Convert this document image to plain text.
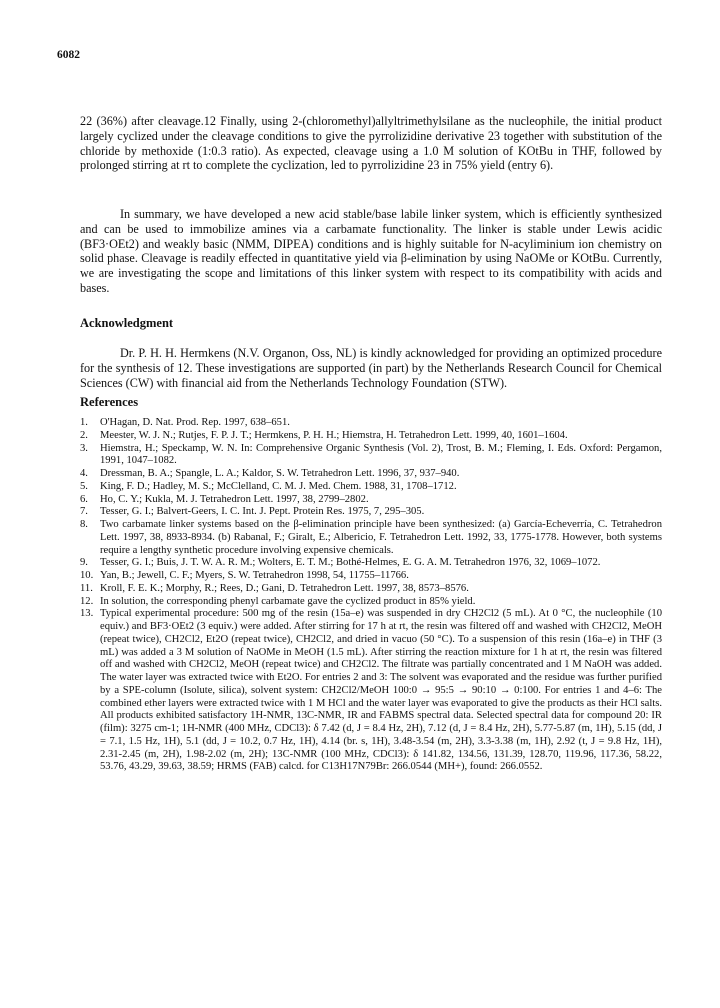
6082

22 (36%) after cleavage.12 Finally, using 2-(chloromethyl)allyltrimethylsilane as the nucleophile, the initial product largely cyclized under the cleavage conditions to give the pyrrolizidine derivative 23 together with substitution of the chloride by methoxide (1:0.3 ratio). As expected, cleavage using a 1.0 M solution of KOtBu in THF, followed by prolonged stirring at rt to complete the cyclization, led to pyrrolizidine 23 in 75% yield (entry 6).

In summary, we have developed a new acid stable/base labile linker system, which is efficiently synthesized and can be used to immobilize amines via a carbamate functionality. The linker is stable under Lewis acidic (BF3·OEt2) and weakly basic (NMM, DIPEA) conditions and is highly suitable for N-acyliminium ion chemistry on solid phase. Cleavage is readily effected in quantitative yield via β-elimination by using NaOMe or KOtBu. Currently, we are investigating the scope and limitations of this linker system with respect to its compatibility with acids and bases.

Acknowledgment

Dr. P. H. H. Hermkens (N.V. Organon, Oss, NL) is kindly acknowledged for providing an optimized procedure for the synthesis of 12. These investigations are supported (in part) by the Netherlands Research Council for Chemical Sciences (CW) with financial aid from the Netherlands Technology Foundation (STW).

References
1.	O'Hagan, D. Nat. Prod. Rep. 1997, 638–651.
2.	Meester, W. J. N.; Rutjes, F. P. J. T.; Hermkens, P. H. H.; Hiemstra, H. Tetrahedron Lett. 1999, 40, 1601–1604.
3.	Hiemstra, H.; Speckamp, W. N. In: Comprehensive Organic Synthesis (Vol. 2), Trost, B. M.; Fleming, I. Eds. Oxford: Pergamon, 1991, 1047–1082.
4.	Dressman, B. A.; Spangle, L. A.; Kaldor, S. W. Tetrahedron Lett. 1996, 37, 937–940.
5.	King, F. D.; Hadley, M. S.; McClelland, C. M. J. Med. Chem. 1988, 31, 1708–1712.
6.	Ho, C. Y.; Kukla, M. J. Tetrahedron Lett. 1997, 38, 2799–2802.
7.	Tesser, G. I.; Balvert-Geers, I. C. Int. J. Pept. Protein Res. 1975, 7, 295–305.
8.	Two carbamate linker systems based on the β-elimination principle have been synthesized: (a) García-Echeverría, C. Tetrahedron Lett. 1997, 38, 8933-8934. (b) Rabanal, F.; Giralt, E.; Albericio, F. Tetrahedron Lett. 1992, 33, 1775-1778. However, both systems require a lengthy synthetic procedure involving expensive chemicals.
9.	Tesser, G. I.; Buis, J. T. W. A. R. M.; Wolters, E. T. M.; Bothé-Helmes, E. G. A. M. Tetrahedron 1976, 32, 1069–1072.
10. Yan, B.; Jewell, C. F.; Myers, S. W. Tetrahedron 1998, 54, 11755–11766.
11. Kroll, F. E. K.; Morphy, R.; Rees, D.; Gani, D. Tetrahedron Lett. 1997, 38, 8573–8576.
12. In solution, the corresponding phenyl carbamate gave the cyclized product in 85% yield.
13. Typical experimental procedure: 500 mg of the resin (15a–e) was suspended in dry CH2Cl2 (5 mL). At 0 °C, the nucleophile (10 equiv.) and BF3·OEt2 (3 equiv.) were added. After stirring for 17 h at rt, the resin was filtered off and washed with CH2Cl2, MeOH (repeat twice), CH2Cl2, Et2O (repeat twice), CH2Cl2, and dried in vacuo (50 °C). To a suspension of this resin (16a–e) in THF (3 mL) was added a 3 M solution of NaOMe in MeOH (1.5 mL). After stirring the reaction mixture for 1 h at rt, the resin was filtered off and washed with CH2Cl2, MeOH (repeat twice) and CH2Cl2. The filtrate was partially concentrated and 1 M NaOH was added. The water layer was extracted twice with Et2O. For entries 2 and 3: The solvent was evaporated and the residue was further purified by a SPE-column (Isolute, silica), solvent system: CH2Cl2/MeOH 100:0 → 95:5 → 90:10 → 0:100. For entries 1 and 4–6: The combined ether layers were extracted twice with 1 M HCl and the water layer was evaporated to give the products as their HCl salts. All products exhibited satisfactory 1H-NMR, 13C-NMR, IR and FABMS spectral data. Selected spectral data for compound 20: IR (film): 3275 cm-1; 1H-NMR (400 MHz, CDCl3): δ 7.42 (d, J = 8.4 Hz, 2H), 7.12 (d, J = 8.4 Hz, 2H), 5.77-5.87 (m, 1H), 5.15 (dd, J = 7.1, 1.5 Hz, 1H), 5.1 (dd, J = 10.2, 0.7 Hz, 1H), 4.14 (br. s, 1H), 3.48-3.54 (m, 2H), 3.3-3.38 (m, 1H), 2.92 (t, J = 9.8 Hz, 1H), 2.31-2.45 (m, 2H), 1.98-2.02 (m, 2H); 13C-NMR (100 MHz, CDCl3): δ 141.82, 134.56, 131.39, 128.70, 119.96, 117.36, 58.22, 53.76, 43.29, 39.63, 38.59; HRMS (FAB) calcd. for C13H17N79Br: 266.0544 (MH+), found: 266.0552.
